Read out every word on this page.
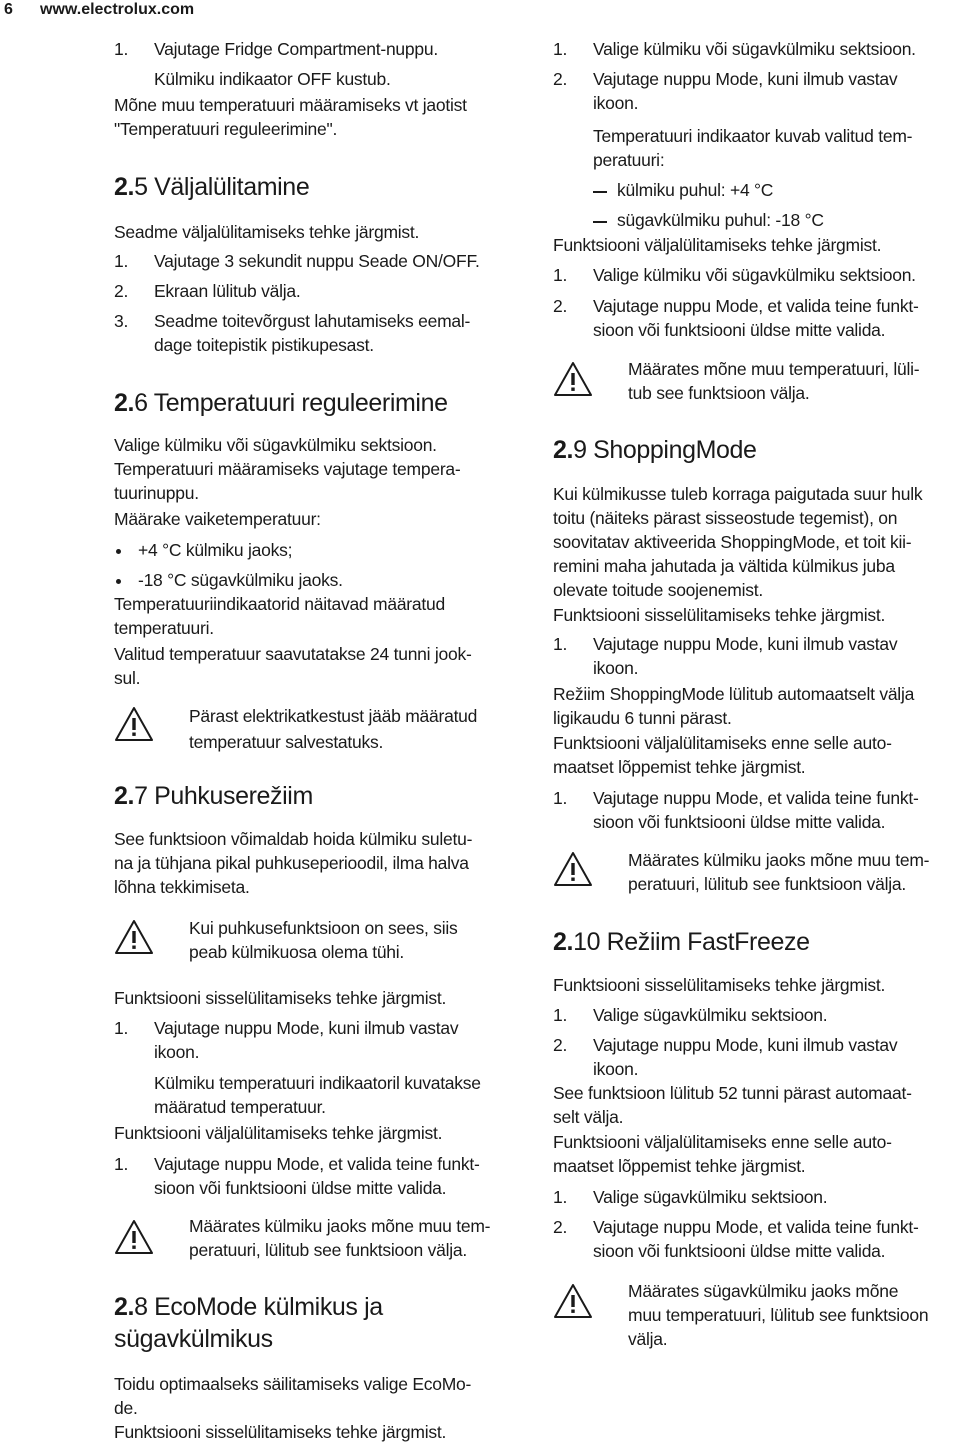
6 www.electrolux.com
1. Vajutage Fridge Compartment-nuppu.
Külmiku indikaator OFF kustub.
Mõne muu temperatuuri määramiseks vt jaotist
"Temperatuuri reguleerimine".
2.5 Väljalülitamine
Seadme väljalülitamiseks tehke järgmist.
1. Vajutage 3 sekundit nuppu Seade ON/OFF.
2. Ekraan lülitub välja.
3. Seadme toitevõrgust lahutamiseks eemal-
dage toitepistik pistikupesast.
2.6 Temperatuuri reguleerimine
Valige külmiku või sügavkülmiku sektsioon.
Temperatuuri määramiseks vajutage tempera-
tuurinuppu.
Määrake vaiketemperatuur:
+4 °C külmiku jaoks;
-18 °C sügavkülmiku jaoks.
Temperatuuriindikaatorid näitavad määratud
temperatuuri.
Valitud temperatuur saavutatakse 24 tunni jook-
sul.
Pärast elektrikatkestust jääb määratud
temperatuur salvestatuks.
2.7 Puhkuserežiim
See funktsioon võimaldab hoida külmiku suletu-
na ja tühjana pikal puhkuseperioodil, ilma halva
lõhna tekkimiseta.
Kui puhkusefunktsioon on sees, siis
peab külmikuosa olema tühi.
Funktsiooni sisselülitamiseks tehke järgmist.
1. Vajutage nuppu Mode, kuni ilmub vastav
ikoon.
Külmiku temperatuuri indikaatoril kuvatakse
määratud temperatuur.
Funktsiooni väljalülitamiseks tehke järgmist.
1. Vajutage nuppu Mode, et valida teine funkt-
sioon või funktsiooni üldse mitte valida.
Määrates külmiku jaoks mõne muu tem-
peratuuri, lülitub see funktsioon välja.
2.8 EcoMode külmikus ja
sügavkülmikus
Toidu optimaalseks säilitamiseks valige EcoMo-
de.
Funktsiooni sisselülitamiseks tehke järgmist.
1. Valige külmiku või sügavkülmiku sektsioon.
2. Vajutage nuppu Mode, kuni ilmub vastav
ikoon.
Temperatuuri indikaator kuvab valitud tem-
peratuuri:
külmiku puhul: +4 °C
sügavkülmiku puhul: -18 °C
Funktsiooni väljalülitamiseks tehke järgmist.
1. Valige külmiku või sügavkülmiku sektsioon.
2. Vajutage nuppu Mode, et valida teine funkt-
sioon või funktsiooni üldse mitte valida.
Määrates mõne muu temperatuuri, lüli-
tub see funktsioon välja.
2.9 ShoppingMode
Kui külmikusse tuleb korraga paigutada suur hulk
toitu (näiteks pärast sisseostude tegemist), on
soovitatav aktiveerida ShoppingMode, et toit kii-
remini maha jahutada ja vältida külmikus juba
olevate toitude soojenemist.
Funktsiooni sisselülitamiseks tehke järgmist.
1. Vajutage nuppu Mode, kuni ilmub vastav
ikoon.
Režiim ShoppingMode lülitub automaatselt välja
ligikaudu 6 tunni pärast.
Funktsiooni väljalülitamiseks enne selle auto-
maatset lõppemist tehke järgmist.
1. Vajutage nuppu Mode, et valida teine funkt-
sioon või funktsiooni üldse mitte valida.
Määrates külmiku jaoks mõne muu tem-
peratuuri, lülitub see funktsioon välja.
2.10 Režiim FastFreeze
Funktsiooni sisselülitamiseks tehke järgmist.
1. Valige sügavkülmiku sektsioon.
2. Vajutage nuppu Mode, kuni ilmub vastav
ikoon.
See funktsioon lülitub 52 tunni pärast automaat-
selt välja.
Funktsiooni väljalülitamiseks enne selle auto-
maatset lõppemist tehke järgmist.
1. Valige sügavkülmiku sektsioon.
2. Vajutage nuppu Mode, et valida teine funkt-
sioon või funktsiooni üldse mitte valida.
Määrates sügavkülmiku jaoks mõne
muu temperatuuri, lülitub see funktsioon
välja.
